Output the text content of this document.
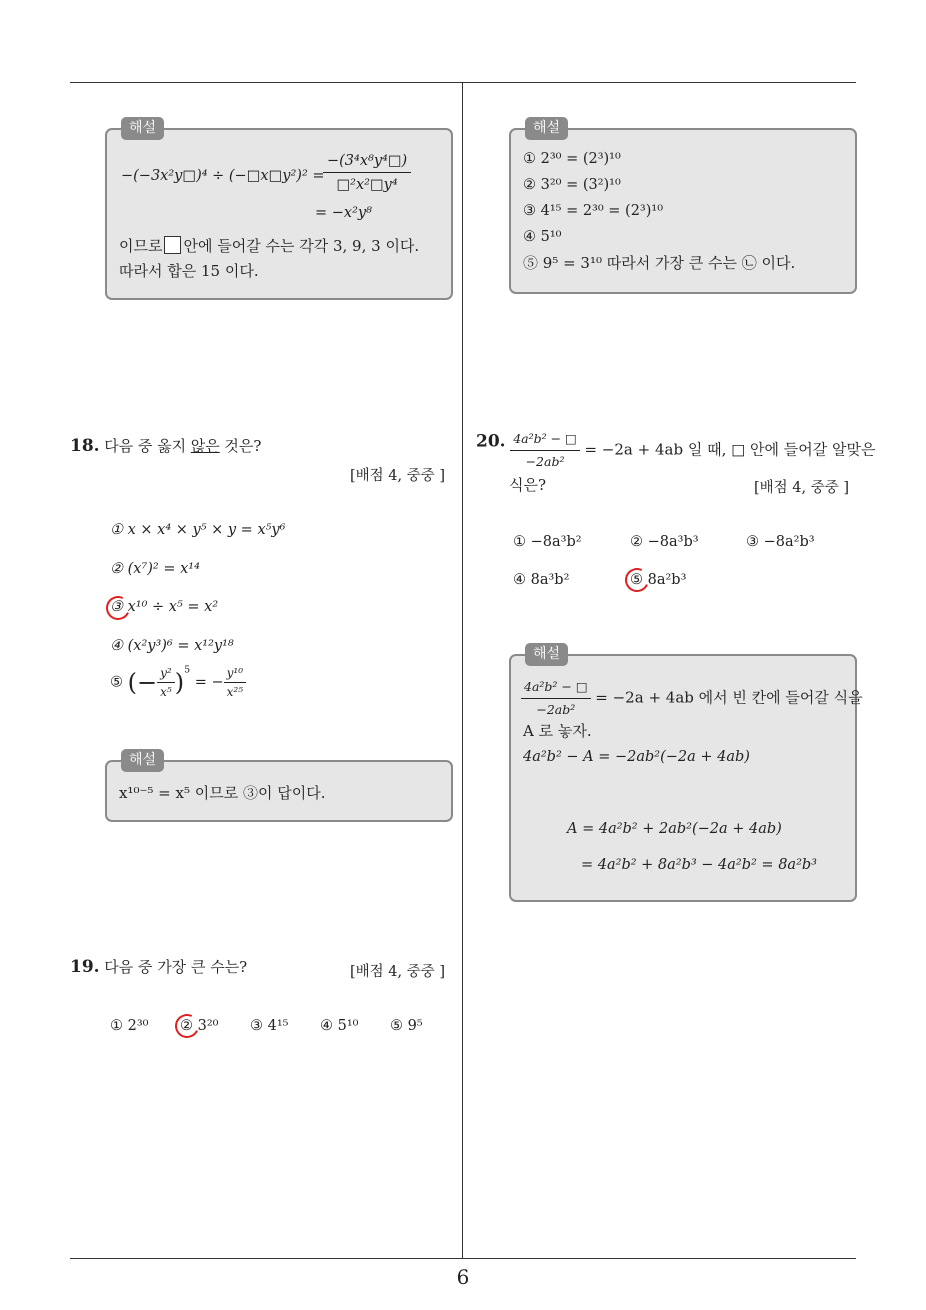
해설
−(−3x²y□)⁴ ÷ (−□x□y²)² =
$\frac{\text{−(3⁴x⁸y⁴□)}}{\text{□²x²□y⁴}}$
= −x²y⁸
이므로 안에 들어갈 수는 각각 3, 9, 3 이다.
따라서 합은 15 이다.
해설
① 2³⁰ = (2³)¹⁰
② 3²⁰ = (3²)¹⁰
③ 4¹⁵ = 2³⁰ = (2³)¹⁰
④ 5¹⁰
⑤ 9⁵ = 3¹⁰ 따라서 가장 큰 수는 ㉡ 이다.
18. 다음 중 옳지 않은 것은?
[배점 4, 중중 ]
① x × x⁴ × y⁵ × y = x⁵y⁶
② (x⁷)² = x¹⁴
③ x¹⁰ ÷ x⁵ = x²
④ (x²y³)⁶ = x¹²y¹⁸
⑤ (− $\frac{\text{y²}}{\text{x⁵}} )^5$ = − $\frac{\text{y¹⁰}}{\text{x²⁵}}$
해설
x¹⁰⁻⁵ = x⁵ 이므로 ③이 답이다.
19. 다음 중 가장 큰 수는?	[배점 4, 중중 ]
① 2³⁰ ② 3²⁰ ③ 4¹⁵ ④ 5¹⁰ ⑤ 9⁵
20. $\frac{\text{4a²b² − □}}{\text{−2ab²}} = -2a + 4ab$ 일 때, □ 안에 들어갈 알맞은
식은?	[배점 4, 중중 ]
① −8a³b²	② −8a³b³	③ −8a²b³
④ 8a³b²	⑤ 8a²b³
해설
$\frac{\text{4a²b² − □}}{\text{−2ab²}} = -2a + 4ab$ 에서 빈 칸에 들어갈 식을
A 로 놓자.
4a²b² − A = −2ab²(−2a + 4ab)
A = 4a²b² + 2ab²(−2a + 4ab)
= 4a²b² + 8a²b³ − 4a²b² = 8a²b³
6
